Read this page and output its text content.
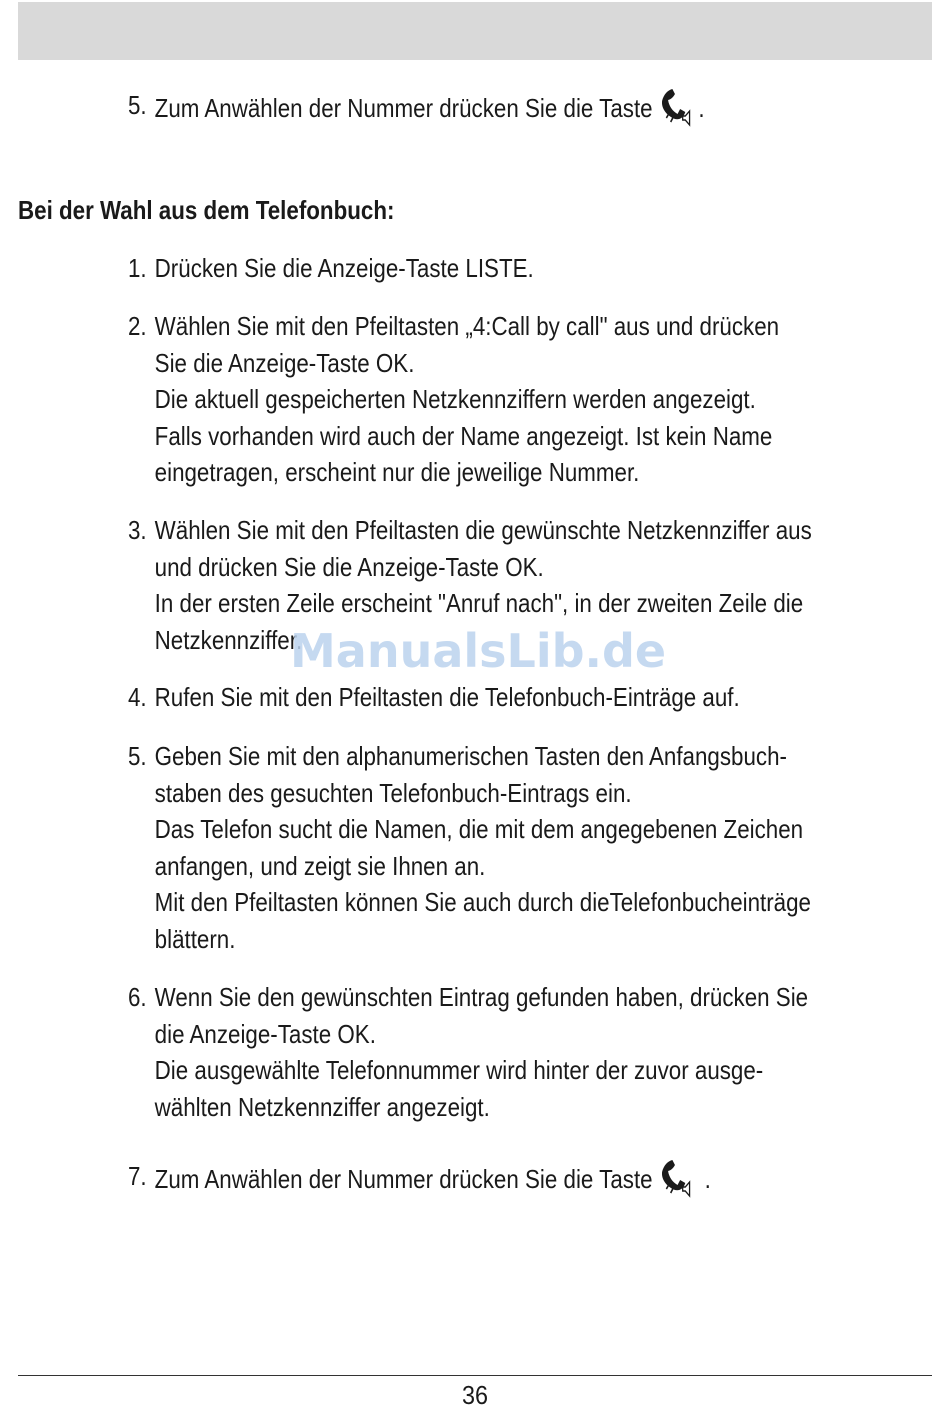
5. Zum Anwählen der Nummer drücken Sie die Taste .
Bei der Wahl aus dem Telefonbuch:
1. Drücken Sie die Anzeige-Taste LISTE.
2. Wählen Sie mit den Pfeiltasten „4:Call by call" aus und drücken
Sie die Anzeige-Taste OK.
Die aktuell gespeicherten Netzkennziffern werden angezeigt.
Falls vorhanden wird auch der Name angezeigt. Ist kein Name
eingetragen, erscheint nur die jeweilige Nummer.
3. Wählen Sie mit den Pfeiltasten die gewünschte Netzkennziffer aus
und drücken Sie die Anzeige-Taste OK.
In der ersten Zeile erscheint "Anruf nach", in der zweiten Zeile die
Netzkennziffer.
4. Rufen Sie mit den Pfeiltasten die Telefonbuch-Einträge auf.
5. Geben Sie mit den alphanumerischen Tasten den Anfangsbuch-
staben des gesuchten Telefonbuch-Eintrags ein.
Das Telefon sucht die Namen, die mit dem angegebenen Zeichen
anfangen, und zeigt sie Ihnen an.
Mit den Pfeiltasten können Sie auch durch dieTelefonbucheinträge
blättern.
6. Wenn Sie den gewünschten Eintrag gefunden haben, drücken Sie
die Anzeige-Taste OK.
Die ausgewählte Telefonnummer wird hinter der zuvor ausge-
wählten Netzkennziffer angezeigt.
7. Zum Anwählen der Nummer drücken Sie die Taste .
ManualsLib.de
36
